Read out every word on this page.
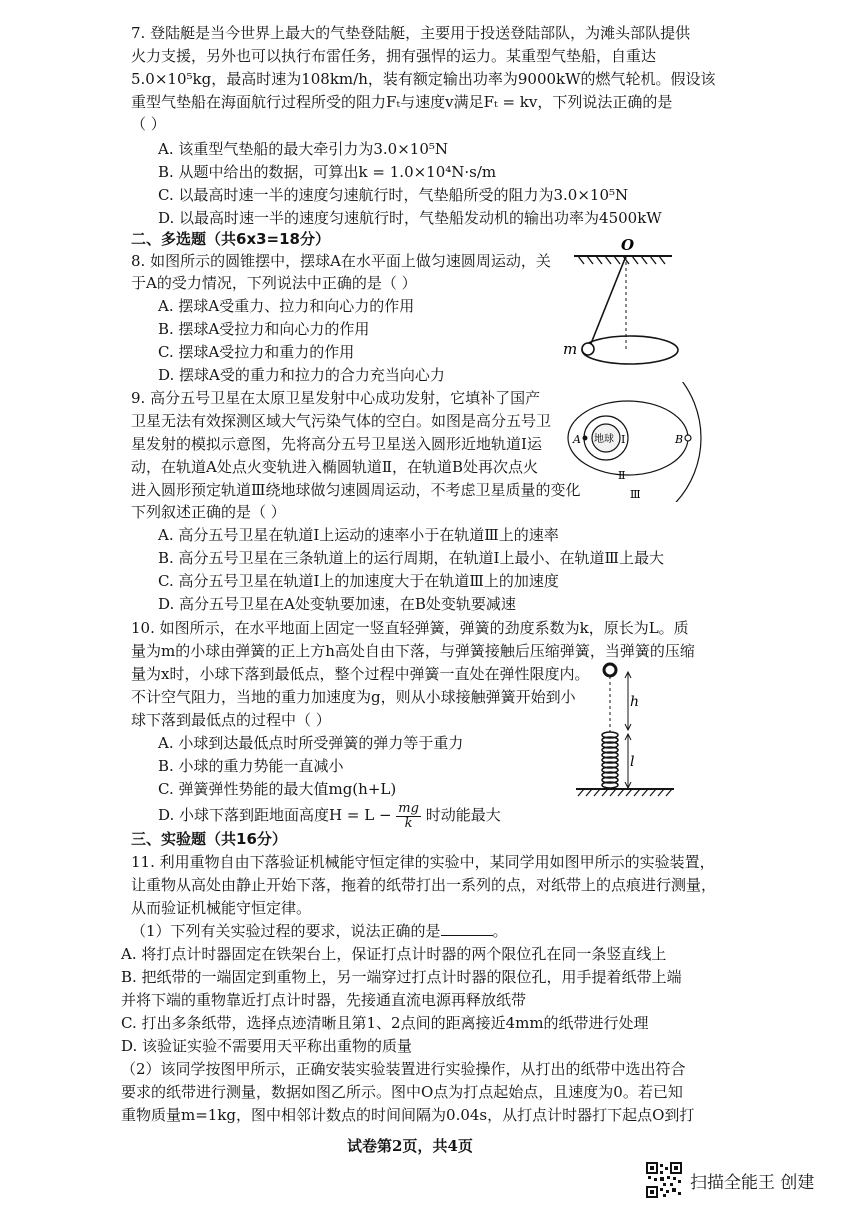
7. 登陆艇是当今世界上最大的气垫登陆艇，主要用于投送登陆部队，为滩头部队提供
火力支援，另外也可以执行布雷任务，拥有强悍的运力。某重型气垫船，自重达
5.0×10⁵kg，最高时速为108km/h，装有额定输出功率为9000kW的燃气轮机。假设该
重型气垫船在海面航行过程所受的阻力Fₜ与速度v满足Fₜ = kv，下列说法正确的是
（ ）
A. 该重型气垫船的最大牵引力为3.0×10⁵N
B. 从题中给出的数据，可算出k = 1.0×10⁴N·s/m
C. 以最高时速一半的速度匀速航行时，气垫船所受的阻力为3.0×10⁵N
D. 以最高时速一半的速度匀速航行时，气垫船发动机的输出功率为4500kW
二、多选题（共6x3=18分）
8. 如图所示的圆锥摆中，摆球A在水平面上做匀速圆周运动，关
于A的受力情况，下列说法中正确的是（ ）
A. 摆球A受重力、拉力和向心力的作用
B. 摆球A受拉力和向心力的作用
C. 摆球A受拉力和重力的作用
D. 摆球A受的重力和拉力的合力充当向心力
O
m
9. 高分五号卫星在太原卫星发射中心成功发射，它填补了国产
卫星无法有效探测区域大气污染气体的空白。如图是高分五号卫
星发射的模拟示意图，先将高分五号卫星送入圆形近地轨道Ⅰ运
动，在轨道A处点火变轨进入椭圆轨道Ⅱ，在轨道B处再次点火
进入圆形预定轨道Ⅲ绕地球做匀速圆周运动，不考虑卫星质量的变化
下列叙述正确的是（ ）
A. 高分五号卫星在轨道Ⅰ上运动的速率小于在轨道Ⅲ上的速率
B. 高分五号卫星在三条轨道上的运行周期，在轨道Ⅰ上最小、在轨道Ⅲ上最大
C. 高分五号卫星在轨道Ⅰ上的加速度大于在轨道Ⅲ上的加速度
D. 高分五号卫星在A处变轨要加速，在B处变轨要减速
地球
A	Ⅰ	B
Ⅱ
Ⅲ
10. 如图所示，在水平地面上固定一竖直轻弹簧，弹簧的劲度系数为k，原长为L。质
量为m的小球由弹簧的正上方h高处自由下落，与弹簧接触后压缩弹簧，当弹簧的压缩
量为x时，小球下落到最低点，整个过程中弹簧一直处在弹性限度内。
不计空气阻力，当地的重力加速度为g，则从小球接触弹簧开始到小
球下落到最低点的过程中（ ）
A. 小球到达最低点时所受弹簧的弹力等于重力
B. 小球的重力势能一直减小
C. 弹簧弹性势能的最大值mg(h+L)
D. 小球下落到距地面高度$H = L - \frac{mg}{k}$ 时动能最大
h
l
三、实验题（共16分）
11. 利用重物自由下落验证机械能守恒定律的实验中，某同学用如图甲所示的实验装置，
让重物从高处由静止开始下落，拖着的纸带打出一系列的点，对纸带上的点痕进行测量，
从而验证机械能守恒定律。
（1）下列有关实验过程的要求，说法正确的是	。
A. 将打点计时器固定在铁架台上，保证打点计时器的两个限位孔在同一条竖直线上
B. 把纸带的一端固定到重物上，另一端穿过打点计时器的限位孔，用手提着纸带上端
并将下端的重物靠近打点计时器，先接通直流电源再释放纸带
C. 打出多条纸带，选择点迹清晰且第1、2点间的距离接近4mm的纸带进行处理
D. 该验证实验不需要用天平称出重物的质量
（2）该同学按图甲所示，正确安装实验装置进行实验操作，从打出的纸带中选出符合
要求的纸带进行测量，数据如图乙所示。图中O点为打点起始点，且速度为0。若已知
重物质量m=1kg，图中相邻计数点的时间间隔为0.04s，从打点计时器打下起点O到打
试卷第2页，共4页
扫描全能王 创建
